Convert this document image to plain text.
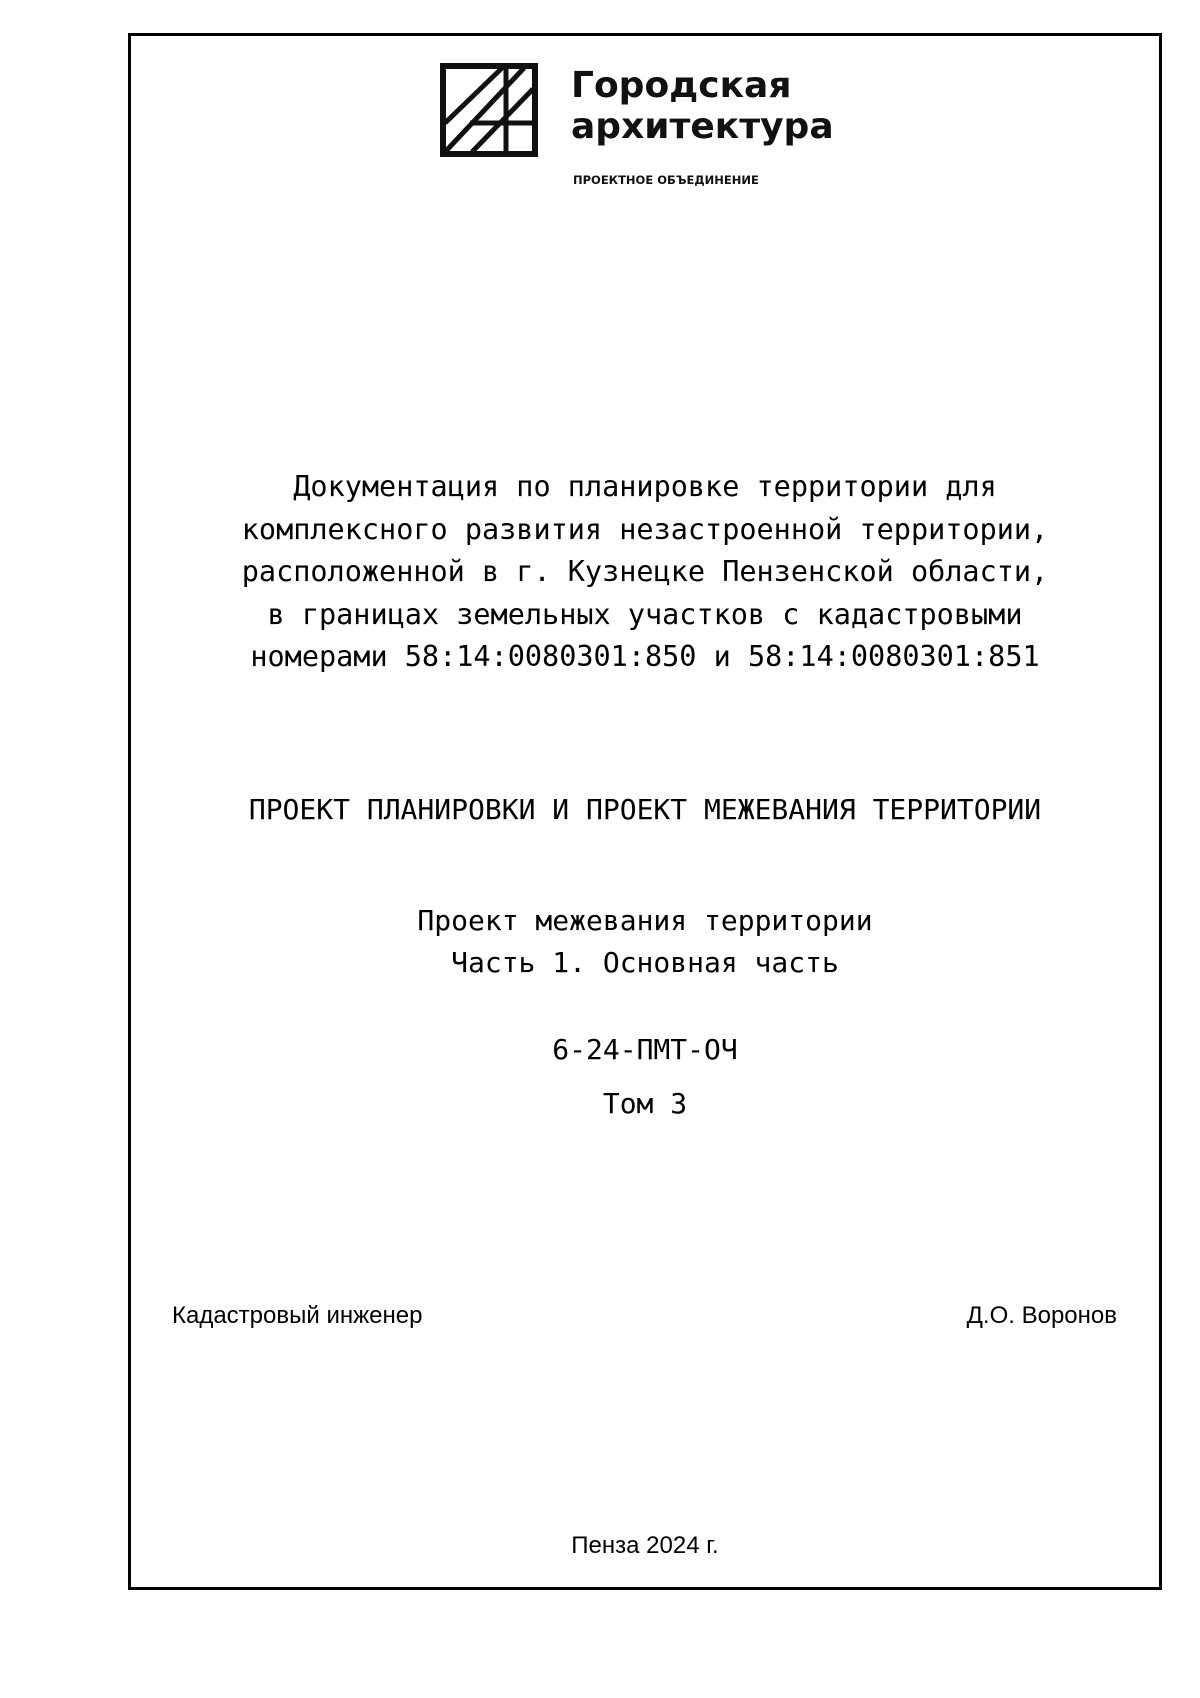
Городская
архитектура
ПРОЕКТНОЕ ОБЪЕДИНЕНИЕ
Документация по планировке территории для
комплексного развития незастроенной территории,
расположенной в г. Кузнецке Пензенской области,
в границах земельных участков с кадастровыми
номерами 58:14:0080301:850 и 58:14:0080301:851
ПРОЕКТ ПЛАНИРОВКИ И ПРОЕКТ МЕЖЕВАНИЯ ТЕРРИТОРИИ
Проект межевания территории
Часть 1. Основная часть
6-24-ПМТ-ОЧ
Том 3
Кадастровый инженер	Д.О. Воронов
Пенза 2024 г.
